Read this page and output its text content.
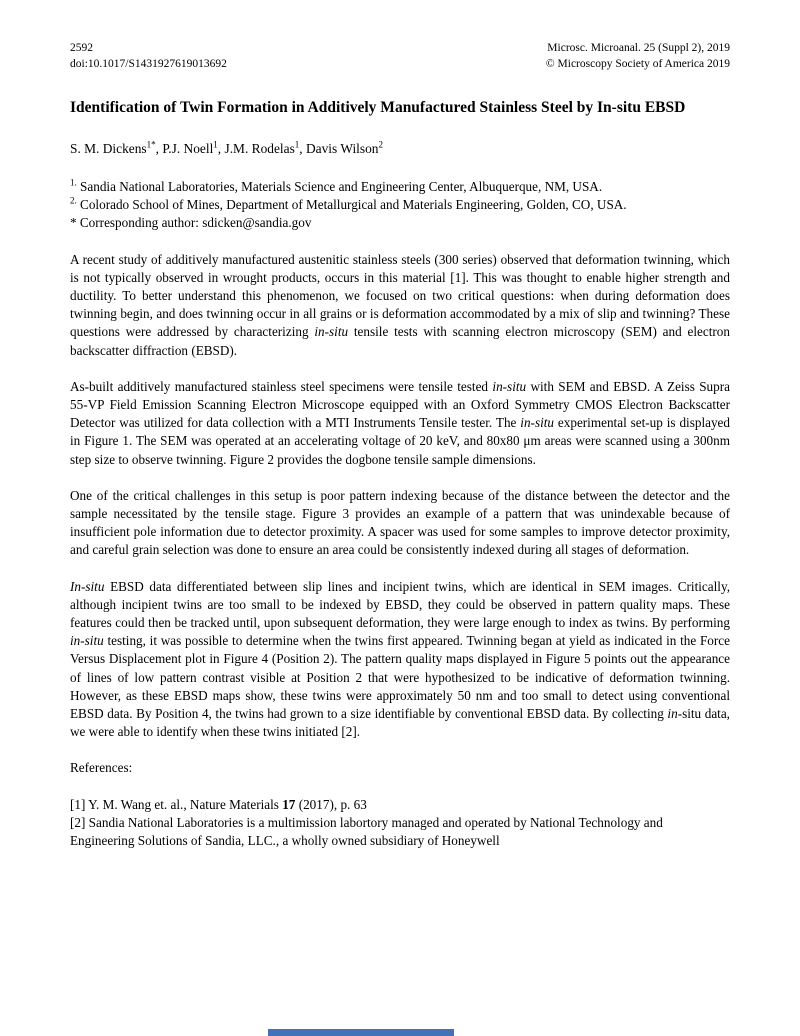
2592
doi:10.1017/S1431927619013692
Microsc. Microanal. 25 (Suppl 2), 2019
© Microscopy Society of America 2019
Identification of Twin Formation in Additively Manufactured Stainless Steel by In-situ EBSD

S. M. Dickens$^{1*}$, P.J. Noell$^1$, J.M. Rodelas$^1$, Davis Wilson$^2$

$^{1.}$ Sandia National Laboratories, Materials Science and Engineering Center, Albuquerque, NM, USA.
$^{2.}$ Colorado School of Mines, Department of Metallurgical and Materials Engineering, Golden, CO, USA.
* Corresponding author: sdicken@sandia.gov

A recent study of additively manufactured austenitic stainless steels (300 series) observed that deformation twinning, which is not typically observed in wrought products, occurs in this material [1]. This was thought to enable higher strength and ductility. To better understand this phenomenon, we focused on two critical questions: when during deformation does twinning begin, and does twinning occur in all grains or is deformation accommodated by a mix of slip and twinning? These questions were addressed by characterizing in-situ tensile tests with scanning electron microscopy (SEM) and electron backscatter diffraction (EBSD).

As-built additively manufactured stainless steel specimens were tensile tested in-situ with SEM and EBSD. A Zeiss Supra 55-VP Field Emission Scanning Electron Microscope equipped with an Oxford Symmetry CMOS Electron Backscatter Detector was utilized for data collection with a MTI Instruments Tensile tester. The in-situ experimental set-up is displayed in Figure 1. The SEM was operated at an accelerating voltage of 20 keV, and 80x80 μm areas were scanned using a 300nm step size to observe twinning. Figure 2 provides the dogbone tensile sample dimensions.

One of the critical challenges in this setup is poor pattern indexing because of the distance between the detector and the sample necessitated by the tensile stage. Figure 3 provides an example of a pattern that was unindexable because of insufficient pole information due to detector proximity. A spacer was used for some samples to improve detector proximity, and careful grain selection was done to ensure an area could be consistently indexed during all stages of deformation.

In-situ EBSD data differentiated between slip lines and incipient twins, which are identical in SEM images. Critically, although incipient twins are too small to be indexed by EBSD, they could be observed in pattern quality maps. These features could then be tracked until, upon subsequent deformation, they were large enough to index as twins. By performing in-situ testing, it was possible to determine when the twins first appeared. Twinning began at yield as indicated in the Force Versus Displacement plot in Figure 4 (Position 2). The pattern quality maps displayed in Figure 5 points out the appearance of lines of low pattern contrast visible at Position 2 that were hypothesized to be indicative of deformation twinning. However, as these EBSD maps show, these twins were approximately 50 nm and too small to detect using conventional EBSD data. By Position 4, the twins had grown to a size identifiable by conventional EBSD data. By collecting in-situ data, we were able to identify when these twins initiated [2].

References:
[1] Y. M. Wang et. al., Nature Materials 17 (2017), p. 63
[2] Sandia National Laboratories is a multimission labortory managed and operated by National Technology and Engineering Solutions of Sandia, LLC., a wholly owned subsidiary of Honeywell
